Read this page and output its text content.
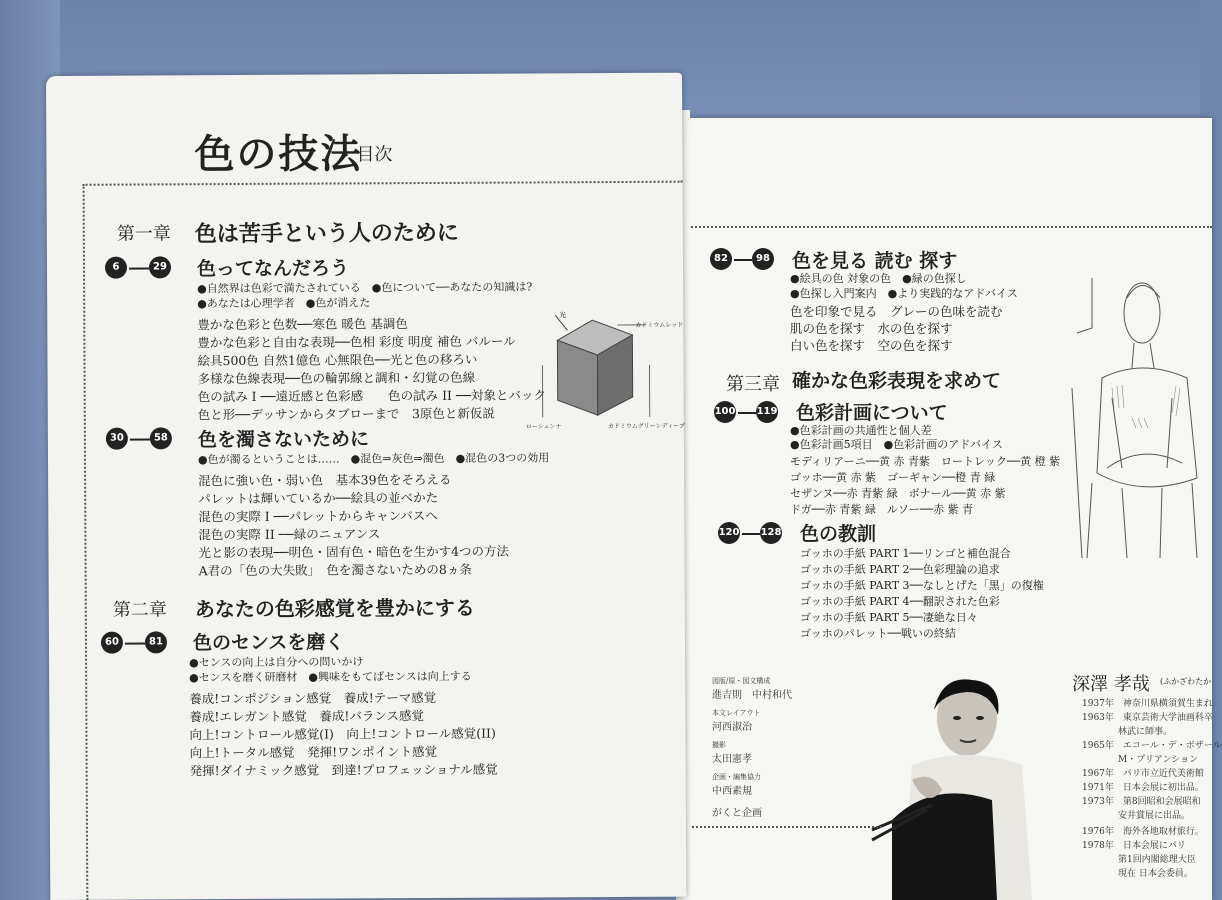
82	98 色を見る 読む 探す
●絵具の色 対象の色　●緑の色探し
●色探し入門案内　●より実践的なアドバイス
色を印象で見る　グレーの色味を読む
肌の色を探す　水の色を探す
白い色を探す　空の色を探す
第三章 確かな色彩表現を求めて
100 119 色彩計画について
●色彩計画の共通性と個人差
●色彩計画5項目　●色彩計画のアドバイス
モディリアーニ──黄 赤 青紫　ロートレック──黄 橙 紫
ゴッホ──黄 赤 紫　ゴーギャン──橙 青 緑
セザンヌ──赤 青紫 緑　ボナール──黄 赤 紫
ドガ──赤 青紫 緑　ルソー──赤 紫 青
120 128 色の教訓
ゴッホの手紙 PART 1──リンゴと補色混合
ゴッホの手紙 PART 2──色彩理論の追求
ゴッホの手紙 PART 3──なしとげた「黒」の復権
ゴッホの手紙 PART 4──翻訳された色彩
ゴッホの手紙 PART 5──凄絶な日々
ゴッホのパレット──戦いの終結
図版/原・図文構成
進吉則　中村和代
本文レイアウト
河西淑治
撮影
太田憲孝
企画・編集協力
中西素規
がくと企画
深澤 孝哉 (ふかざわたか
1937年　神奈川県横須賀生まれ
1963年　東京芸術大学油画科卒
　　　　林武に師事。
1965年　エコール・デ・ボザール
　　　　M・ブリアンション
1967年　パリ市立近代美術館
1971年　日本会展に初出品。
1973年　第8回昭和会展昭和
　　　　安井賞展に出品。
1976年　海外各地取材旅行。
1978年　日本会展にパリ
　　　　第1回内閣総理大臣
　　　　現在 日本会委員。
色の技法
目次
第一章 色は苦手という人のために
6	29 色ってなんだろう
●自然界は色彩で満たされている　●色について──あなたの知識は?
●あなたは心理学者　●色が消えた
豊かな色彩と色数──寒色 暖色 基調色
豊かな色彩と自由な表現──色相 彩度 明度 補色 バルール
絵具500色 自然1億色 心無限色──光と色の移ろい
多様な色線表現──色の輪郭線と調和・幻覚の色線
色の試み I ──遠近感と色彩感　　色の試み II ──対象とバック
色と形──デッサンからタブローまで　3原色と新仮説
光
カドミウムレッド
ローシェンナ	カドミウムグリーンディープ
30	58 色を濁さないために
●色が濁るということは……　●混色⇒灰色⇒濁色　●混色の3つの効用
混色に強い色・弱い色　基本39色をそろえる
パレットは輝いているか──絵具の並べかた
混色の実際 I ──パレットからキャンバスへ
混色の実際 II ──緑のニュアンス
光と影の表現──明色・固有色・暗色を生かす4つの方法
A君の「色の大失敗」　色を濁さないための8ヵ条
第二章 あなたの色彩感覚を豊かにする
60	81 色のセンスを磨く
●センスの向上は自分への問いかけ
●センスを磨く研磨材　●興味をもてばセンスは向上する
養成!コンポジション感覚　養成!テーマ感覚
養成!エレガント感覚　養成!バランス感覚
向上!コントロール感覚(I)　向上!コントロール感覚(II)
向上!トータル感覚　発揮!ワンポイント感覚
発揮!ダイナミック感覚　到達!プロフェッショナル感覚
